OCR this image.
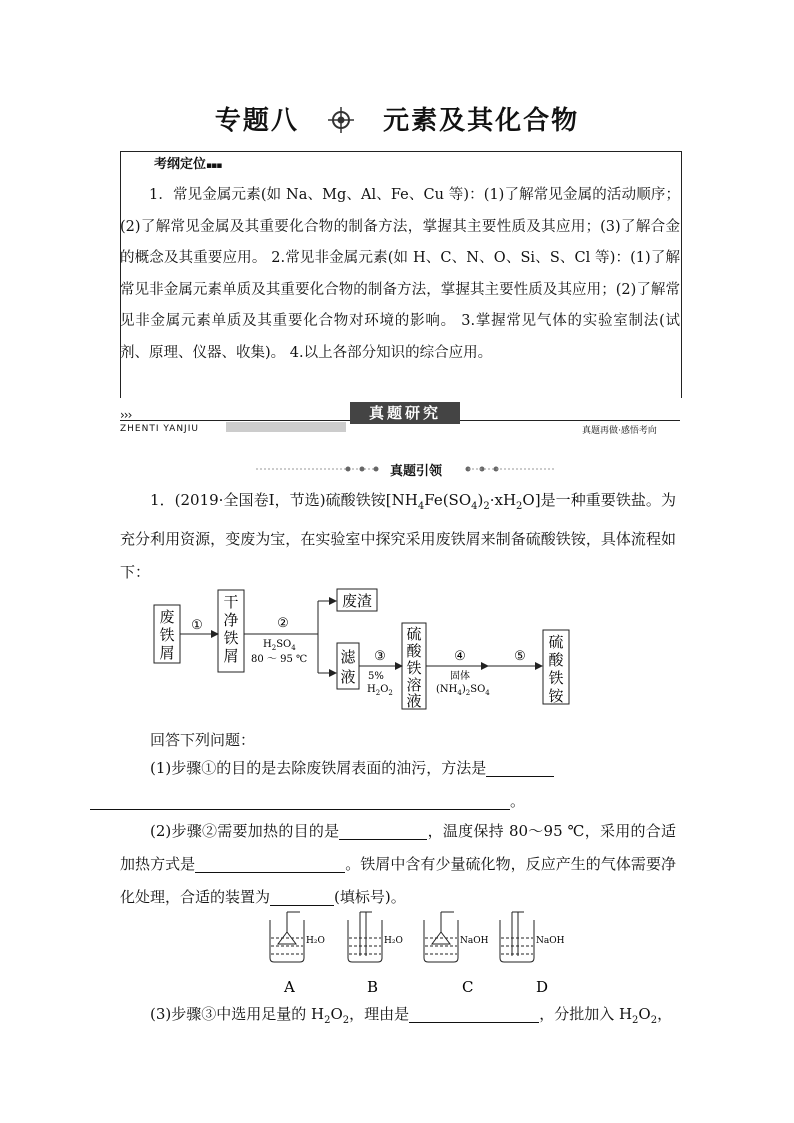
专题八	元素及其化合物
考纲定位▪▪▪
1．常见金属元素(如 Na、Mg、Al、Fe、Cu 等)：(1)了解常见金属的活动顺序；(2)了解常见金属及其重要化合物的制备方法，掌握其主要性质及其应用；(3)了解合金的概念及其重要应用。 2.常见非金属元素(如 H、C、N、O、Si、S、Cl 等)：(1)了解常见非金属元素单质及其重要化合物的制备方法，掌握其主要性质及其应用；(2)了解常见非金属元素单质及其重要化合物对环境的影响。 3.掌握常见气体的实验室制法(试剂、原理、仪器、收集)。 4.以上各部分知识的综合应用。
›››
ZHENTI YANJIU
真题研究
真题再做·感悟考向
真题引领
1．(2019·全国卷Ⅰ，节选)硫酸铁铵$[NH_4Fe(SO_4)_2\cdot xH_2O]$是一种重要铁盐。为充分利用资源，变废为宝，在实验室中探究采用废铁屑来制备硫酸铁铵，具体流程如下：
废
铁
屑
①
干
净
铁
屑
②
$H_2SO_4$
80 ～ 95 ℃
废渣
滤
液
③
5%
$H_2O_2$
硫
酸
铁
溶
液
④
固体
$(NH_4)_2SO_4$
⑤
硫
酸
铁
铵
回答下列问题：
(1)步骤①的目的是去除废铁屑表面的油污，方法是
。
(2)步骤②需要加热的目的是	，温度保持 80～95 ℃，采用的合适加热方式是	。铁屑中含有少量硫化物，反应产生的气体需要净化处理，合适的装置为	(填标号)。
H₂O
A
H₂O
B
NaOH
C
NaOH
D
(3)步骤③中选用足量的 $H_2O_2$，理由是	，分批加入 $H_2O_2$，
